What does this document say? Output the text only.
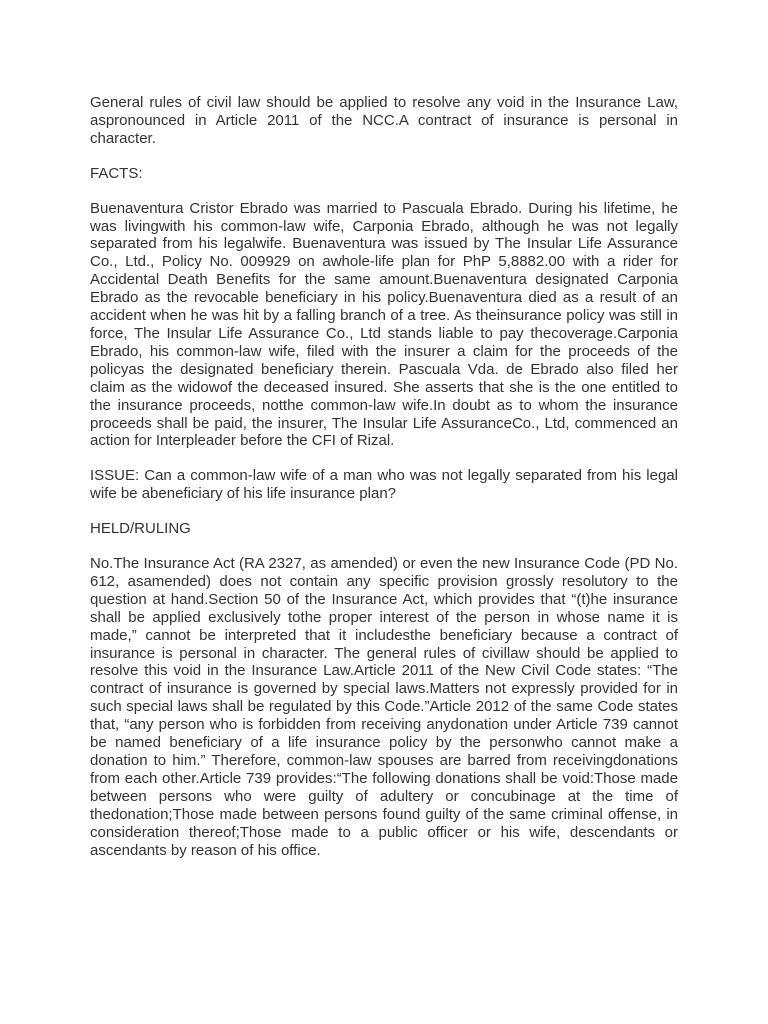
General rules of civil law should be applied to resolve any void in the Insurance Law, aspronounced in Article 2011 of the NCC.A contract of insurance is personal in character.

FACTS:

Buenaventura Cristor Ebrado was married to Pascuala Ebrado. During his lifetime, he was livingwith his common-law wife, Carponia Ebrado, although he was not legally separated from his legalwife. Buenaventura was issued by The Insular Life Assurance Co., Ltd., Policy No. 009929 on awhole-life plan for PhP 5,8882.00 with a rider for Accidental Death Benefits for the same amount.Buenaventura designated Carponia Ebrado as the revocable beneficiary in his policy.Buenaventura died as a result of an accident when he was hit by a falling branch of a tree. As theinsurance policy was still in force, The Insular Life Assurance Co., Ltd stands liable to pay thecoverage.Carponia Ebrado, his common-law wife, filed with the insurer a claim for the proceeds of the policyas the designated beneficiary therein. Pascuala Vda. de Ebrado also filed her claim as the widowof the deceased insured. She asserts that she is the one entitled to the insurance proceeds, notthe common-law wife.In doubt as to whom the insurance proceeds shall be paid, the insurer, The Insular Life AssuranceCo., Ltd, commenced an action for Interpleader before the CFI of Rizal.

ISSUE: Can a common-law wife of a man who was not legally separated from his legal wife be abeneficiary of his life insurance plan?

HELD/RULING

No.The Insurance Act (RA 2327, as amended) or even the new Insurance Code (PD No. 612, asamended) does not contain any specific provision grossly resolutory to the question at hand.Section 50 of the Insurance Act, which provides that “(t)he insurance shall be applied exclusively tothe proper interest of the person in whose name it is made,” cannot be interpreted that it includesthe beneficiary because a contract of insurance is personal in character. The general rules of civillaw should be applied to resolve this void in the Insurance Law.Article 2011 of the New Civil Code states: “The contract of insurance is governed by special laws.Matters not expressly provided for in such special laws shall be regulated by this Code.”Article 2012 of the same Code states that, “any person who is forbidden from receiving anydonation under Article 739 cannot be named beneficiary of a life insurance policy by the personwho cannot make a donation to him.” Therefore, common-law spouses are barred from receivingdonations from each other.Article 739 provides:“The following donations shall be void:Those made between persons who were guilty of adultery or concubinage at the time of thedonation;Those made between persons found guilty of the same criminal offense, in consideration thereof;Those made to a public officer or his wife, descendants or ascendants by reason of his office.
